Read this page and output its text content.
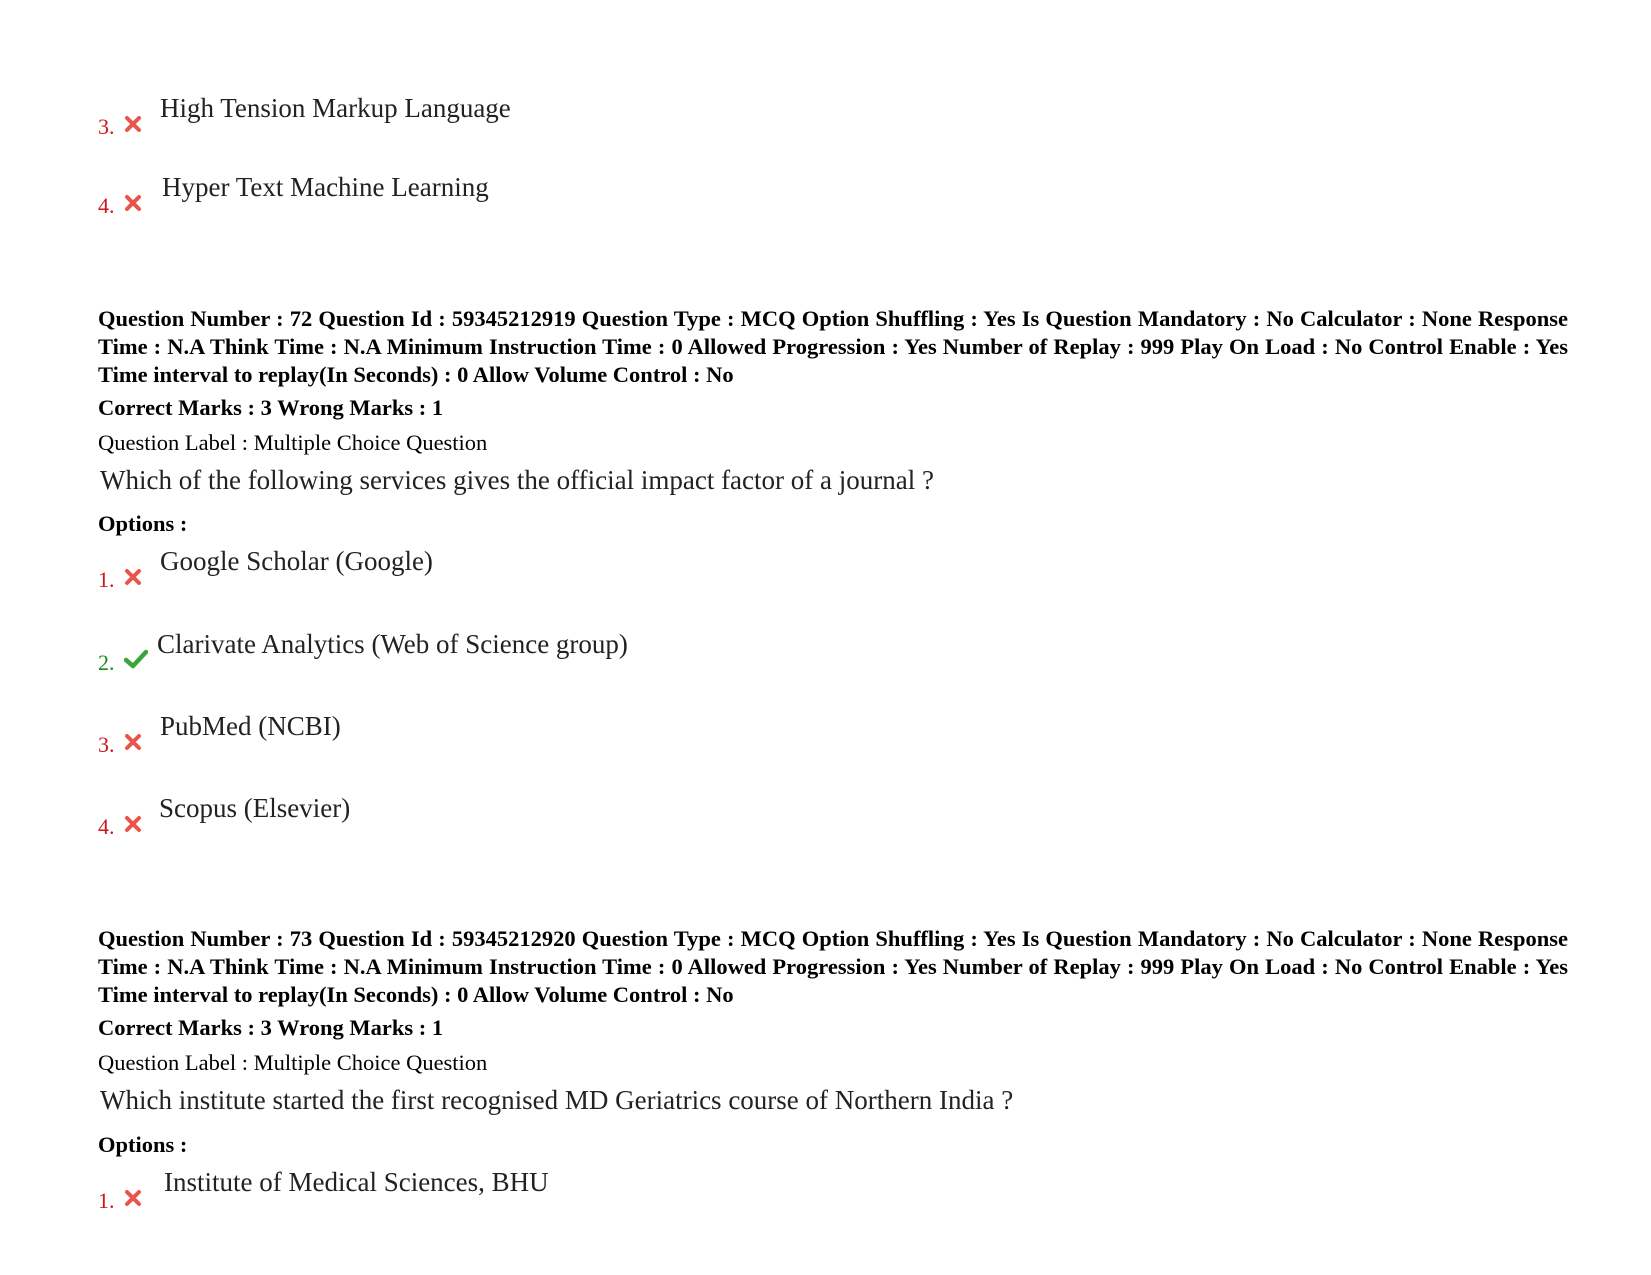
3.
High Tension Markup Language
4.
Hyper Text Machine Learning
Question Number : 72 Question Id : 59345212919 Question Type : MCQ Option Shuffling : Yes Is Question Mandatory : No Calculator : None Response Time : N.A Think Time : N.A Minimum Instruction Time : 0 Allowed Progression : Yes Number of Replay : 999 Play On Load : No Control Enable : Yes Time interval to replay(In Seconds) : 0 Allow Volume Control : No
Correct Marks : 3 Wrong Marks : 1
Question Label : Multiple Choice Question
Which of the following services gives the official impact factor of a journal ?
Options :
1.
Google Scholar (Google)
2.
Clarivate Analytics (Web of Science group)
3.
PubMed (NCBI)
4.
Scopus (Elsevier)
Question Number : 73 Question Id : 59345212920 Question Type : MCQ Option Shuffling : Yes Is Question Mandatory : No Calculator : None Response Time : N.A Think Time : N.A Minimum Instruction Time : 0 Allowed Progression : Yes Number of Replay : 999 Play On Load : No Control Enable : Yes Time interval to replay(In Seconds) : 0 Allow Volume Control : No
Correct Marks : 3 Wrong Marks : 1
Question Label : Multiple Choice Question
Which institute started the first recognised MD Geriatrics course of Northern India ?
Options :
1.
Institute of Medical Sciences, BHU
